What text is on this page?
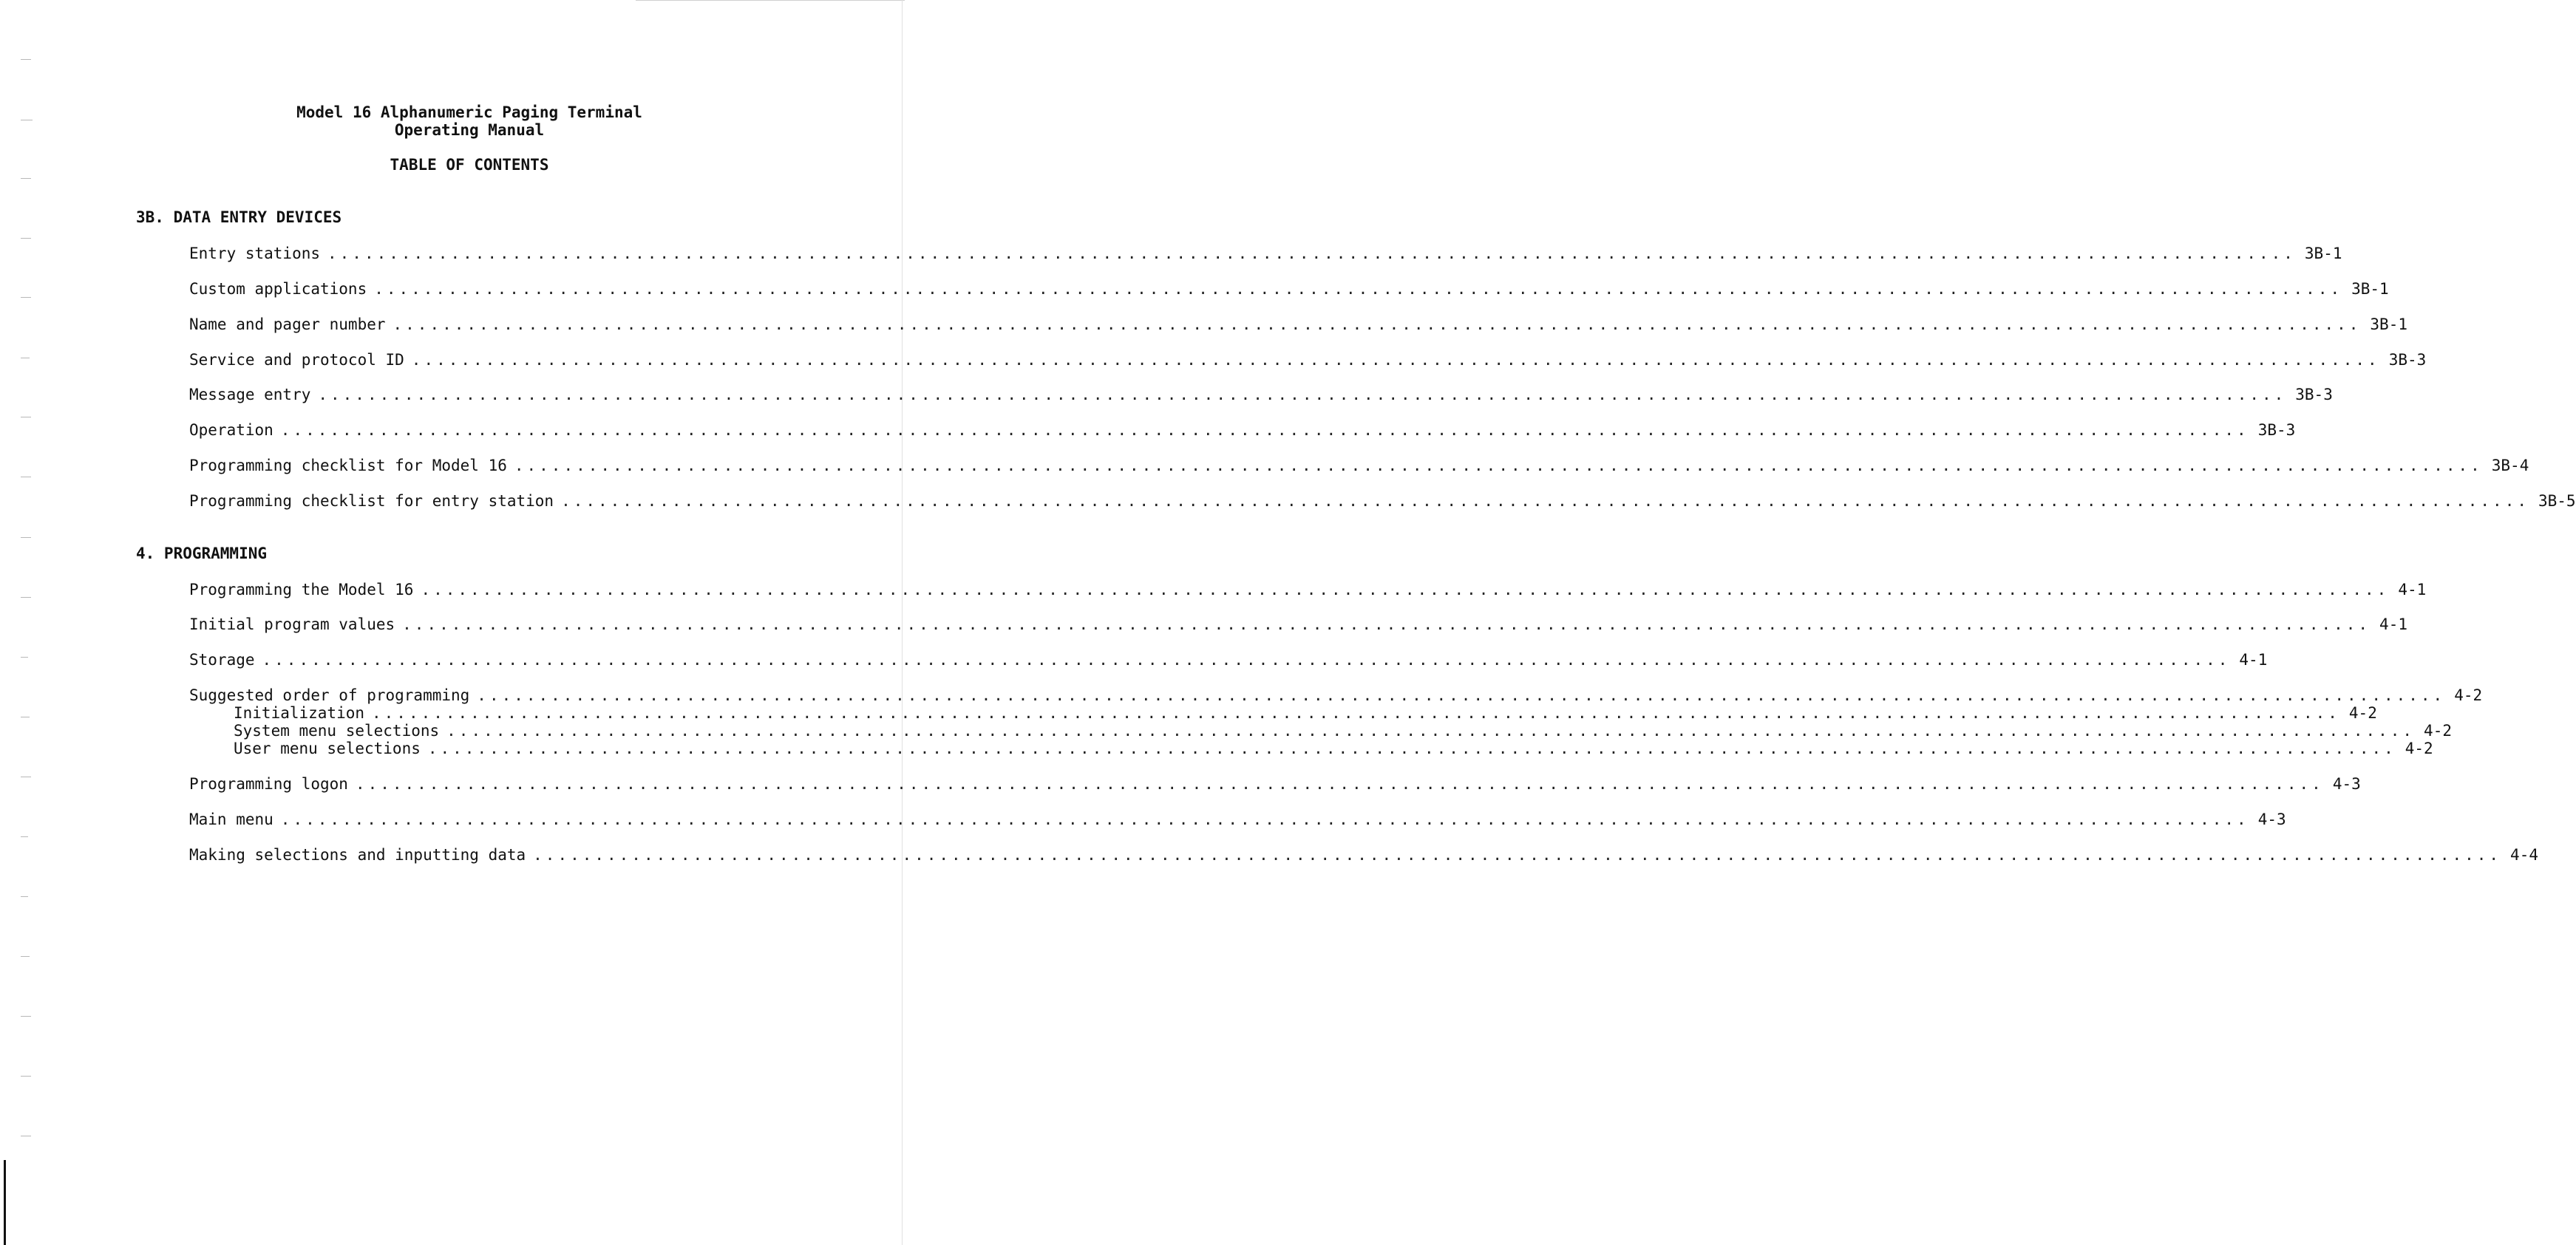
Model 16 Alphanumeric Paging Terminal
Operating Manual
TABLE OF CONTENTS
3B. DATA ENTRY DEVICES
Entry stations ................................................................................................................................................................ 3B-1
Custom applications ................................................................................................................................................................ 3B-1
Name and pager number ................................................................................................................................................................ 3B-1
Service and protocol ID ................................................................................................................................................................ 3B-3
Message entry ................................................................................................................................................................ 3B-3
Operation ................................................................................................................................................................ 3B-3
Programming checklist for Model 16 ................................................................................................................................................................ 3B-4
Programming checklist for entry station ................................................................................................................................................................ 3B-5
4. PROGRAMMING
Programming the Model 16 ................................................................................................................................................................ 4-1
Initial program values ................................................................................................................................................................ 4-1
Storage ................................................................................................................................................................ 4-1
Suggested order of programming ................................................................................................................................................................ 4-2
Initialization ................................................................................................................................................................ 4-2
System menu selections ................................................................................................................................................................ 4-2
User menu selections ................................................................................................................................................................ 4-2
Programming logon ................................................................................................................................................................ 4-3
Main menu ................................................................................................................................................................ 4-3
Making selections and inputting data ................................................................................................................................................................ 4-4
